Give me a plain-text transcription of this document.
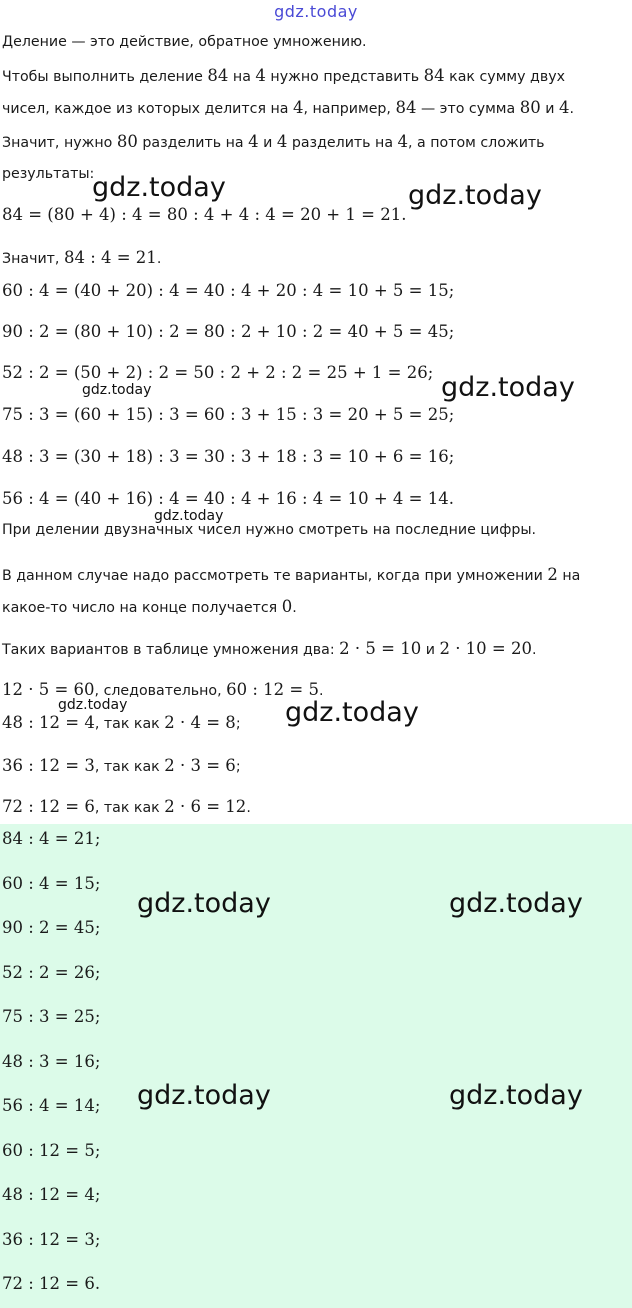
gdz.today
Деление — это действие, обратное умножению.
Чтобы выполнить деление 84 на 4 нужно представить 84 как сумму двух
чисел, каждое из которых делится на 4, например, 84 — это сумма 80 и 4.
Значит, нужно 80 разделить на 4 и 4 разделить на 4, а потом сложить
результаты:
84 = (80 + 4) : 4 = 80 : 4 + 4 : 4 = 20 + 1 = 21.
Значит, 84 : 4 = 21.
60 : 4 = (40 + 20) : 4 = 40 : 4 + 20 : 4 = 10 + 5 = 15;
90 : 2 = (80 + 10) : 2 = 80 : 2 + 10 : 2 = 40 + 5 = 45;
52 : 2 = (50 + 2) : 2 = 50 : 2 + 2 : 2 = 25 + 1 = 26;
75 : 3 = (60 + 15) : 3 = 60 : 3 + 15 : 3 = 20 + 5 = 25;
48 : 3 = (30 + 18) : 3 = 30 : 3 + 18 : 3 = 10 + 6 = 16;
56 : 4 = (40 + 16) : 4 = 40 : 4 + 16 : 4 = 10 + 4 = 14.
При делении двузначных чисел нужно смотреть на последние цифры.
В данном случае надо рассмотреть те варианты, когда при умножении 2 на
какое-то число на конце получается 0.
Таких вариантов в таблице умножения два: 2 · 5 = 10 и 2 · 10 = 20.
12 · 5 = 60, следовательно, 60 : 12 = 5.
48 : 12 = 4, так как 2 · 4 = 8;
36 : 12 = 3, так как 2 · 3 = 6;
72 : 12 = 6, так как 2 · 6 = 12.
84 : 4 = 21;
60 : 4 = 15;
90 : 2 = 45;
52 : 2 = 26;
75 : 3 = 25;
48 : 3 = 16;
56 : 4 = 14;
60 : 12 = 5;
48 : 12 = 4;
36 : 12 = 3;
72 : 12 = 6.
gdz.today	gdz.today
gdz.today
gdz.today
gdz.today	gdz.today
gdz.today	gdz.today
gdz.today
gdz.today
gdz.today
